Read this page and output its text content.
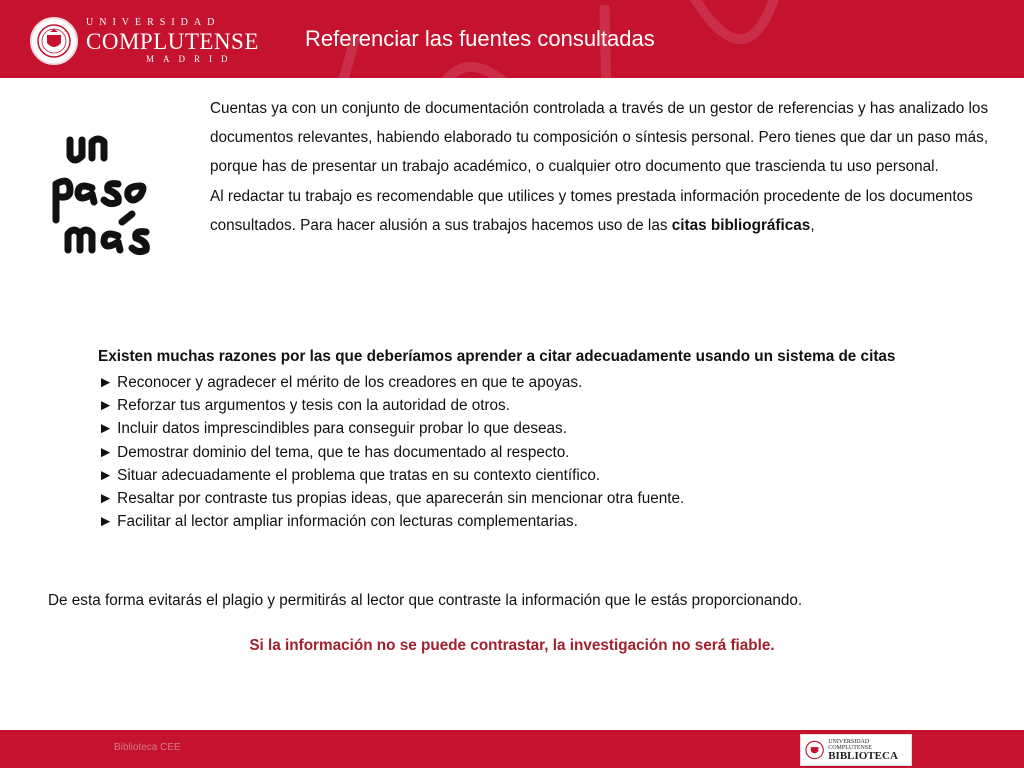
UNIVERSIDAD
COMPLUTENSE
MADRID
Referenciar las fuentes consultadas

Cuentas ya con un conjunto de documentación controlada a través de un gestor de referencias y has analizado los documentos relevantes, habiendo elaborado tu composición o síntesis personal. Pero tienes que dar un paso más, porque has de presentar un trabajo académico, o cualquier otro documento que trascienda tu uso personal.

Al redactar tu trabajo es recomendable que utilices y tomes prestada información procedente de los documentos consultados. Para hacer alusión a sus trabajos hacemos uso de las citas bibliográficas,

Existen muchas razones por las que deberíamos aprender a citar adecuadamente usando un sistema de citas

► Reconocer y agradecer el mérito de los creadores en que te apoyas.
► Reforzar tus argumentos y tesis con la autoridad de otros.
► Incluir datos imprescindibles para conseguir probar lo que deseas.
► Demostrar dominio del tema, que te has documentado al respecto.
► Situar adecuadamente el problema que tratas en su contexto científico.
► Resaltar por contraste tus propias ideas, que aparecerán sin mencionar otra fuente.
► Facilitar al lector ampliar información con lecturas complementarias.

De esta forma evitarás el plagio y permitirás al lector que contraste la información que le estás proporcionando.

Si la información no se puede contrastar, la investigación no será fiable.

Biblioteca CEE
UNIVERSIDAD COMPLUTENSE
BIBLIOTECA
